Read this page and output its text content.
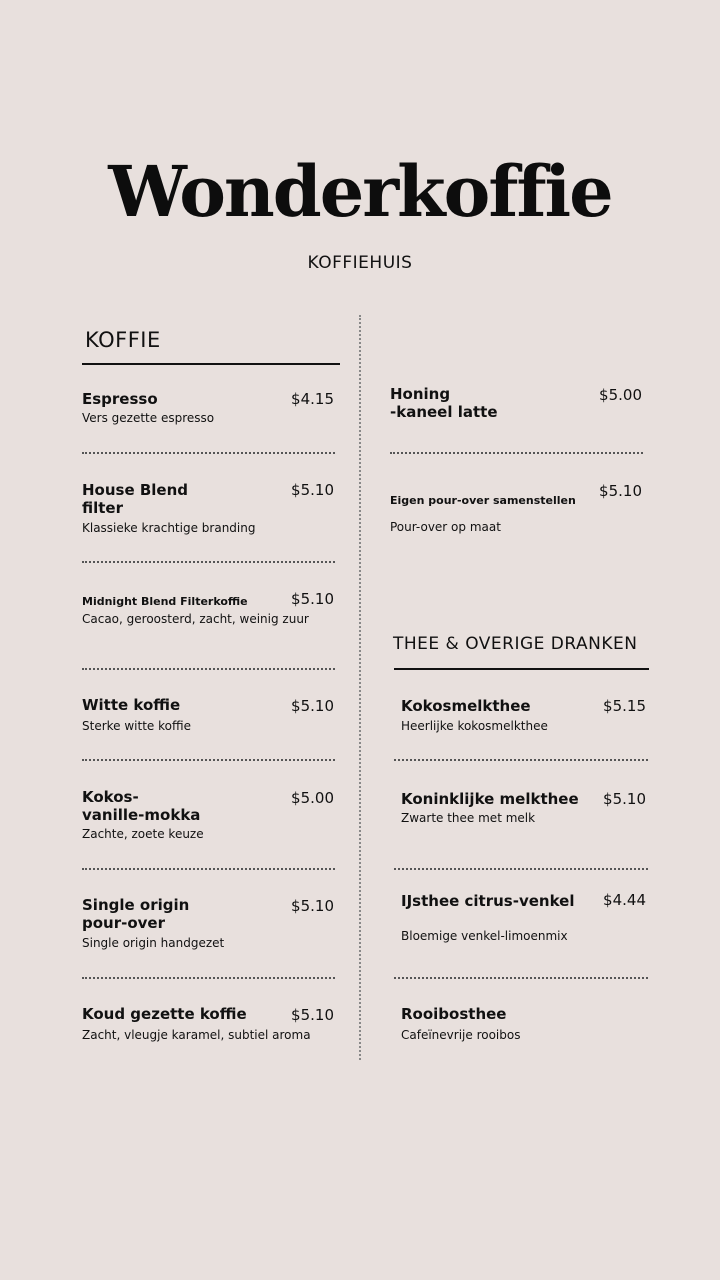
Wonderkoffie
KOFFIEHUIS
KOFFIE
THEE & OVERIGE DRANKEN
Espresso	$4.15
Vers gezette espresso
House Blend
filter
$5.10
Klassieke krachtige branding
Midnight Blend Filterkoffie	$5.10
Cacao, geroosterd, zacht, weinig zuur
Witte koffie	$5.10
Sterke witte koffie
Kokos-
vanille-mokka
$5.00
Zachte, zoete keuze
Single origin
pour-over
$5.10
Single origin handgezet
Koud gezette koffie	$5.10
Zacht, vleugje karamel, subtiel aroma
Honing
-kaneel latte
$5.00
Eigen pour-over samenstellen
$5.10
Pour-over op maat
Kokosmelkthee	$5.15
Heerlijke kokosmelkthee
Koninklijke melkthee	$5.10
Zwarte thee met melk
IJsthee citrus-venkel	$4.44
Bloemige venkel-limoenmix
Rooibosthee
Cafeïnevrije rooibos
